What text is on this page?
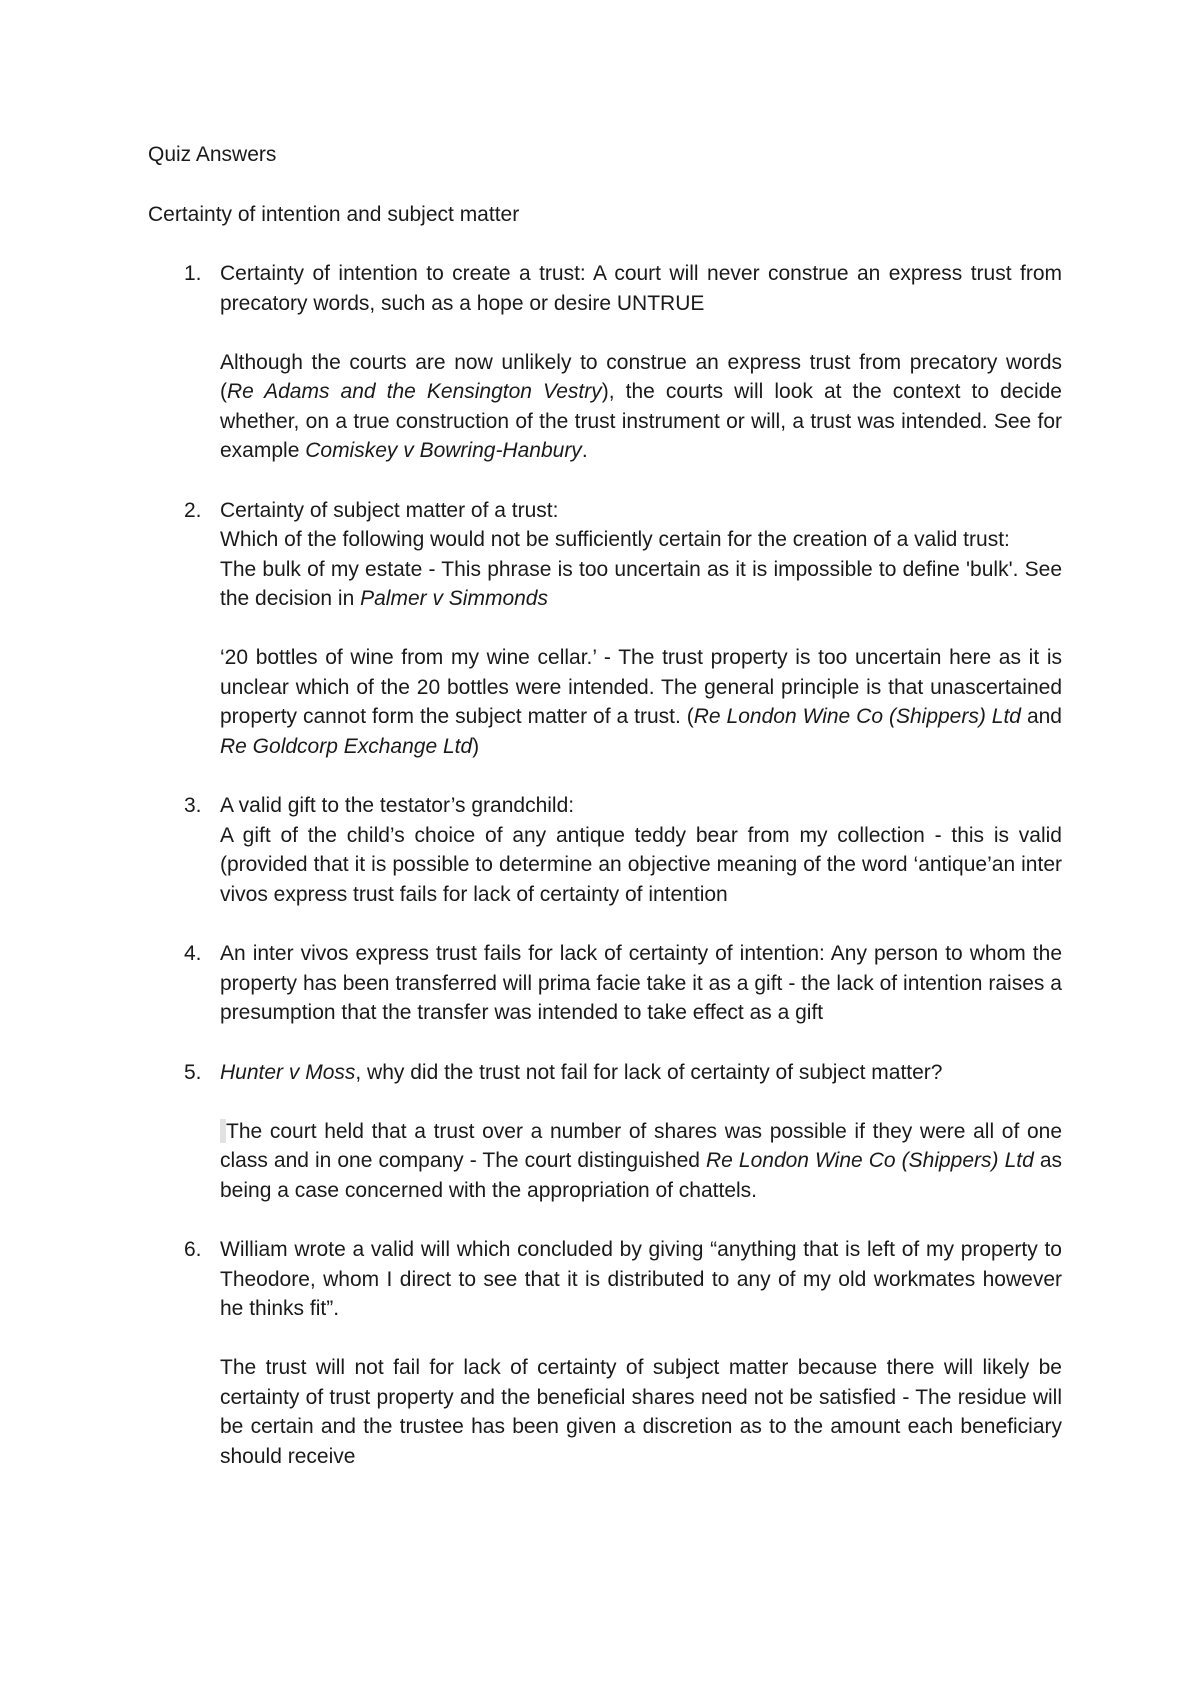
Quiz Answers
Certainty of intention and subject matter
1. Certainty of intention to create a trust: A court will never construe an express trust from precatory words, such as a hope or desire UNTRUE

Although the courts are now unlikely to construe an express trust from precatory words (Re Adams and the Kensington Vestry), the courts will look at the context to decide whether, on a true construction of the trust instrument or will, a trust was intended. See for example Comiskey v Bowring-Hanbury.

2. Certainty of subject matter of a trust:

Which of the following would not be sufficiently certain for the creation of a valid trust:

The bulk of my estate - This phrase is too uncertain as it is impossible to define 'bulk'. See the decision in Palmer v Simmonds

‘20 bottles of wine from my wine cellar.’ - The trust property is too uncertain here as it is unclear which of the 20 bottles were intended. The general principle is that unascertained property cannot form the subject matter of a trust. (Re London Wine Co (Shippers) Ltd and Re Goldcorp Exchange Ltd)

3. A valid gift to the testator’s grandchild:

A gift of the child’s choice of any antique teddy bear from my collection - this is valid (provided that it is possible to determine an objective meaning of the word ‘antique’an inter vivos express trust fails for lack of certainty of intention

4. An inter vivos express trust fails for lack of certainty of intention: Any person to whom the property has been transferred will prima facie take it as a gift - the lack of intention raises a presumption that the transfer was intended to take effect as a gift

5. Hunter v Moss, why did the trust not fail for lack of certainty of subject matter?

The court held that a trust over a number of shares was possible if they were all of one class and in one company - The court distinguished Re London Wine Co (Shippers) Ltd as being a case concerned with the appropriation of chattels.

6. William wrote a valid will which concluded by giving “anything that is left of my property to Theodore, whom I direct to see that it is distributed to any of my old workmates however he thinks fit”.

The trust will not fail for lack of certainty of subject matter because there will likely be certainty of trust property and the beneficial shares need not be satisfied - The residue will be certain and the trustee has been given a discretion as to the amount each beneficiary should receive
